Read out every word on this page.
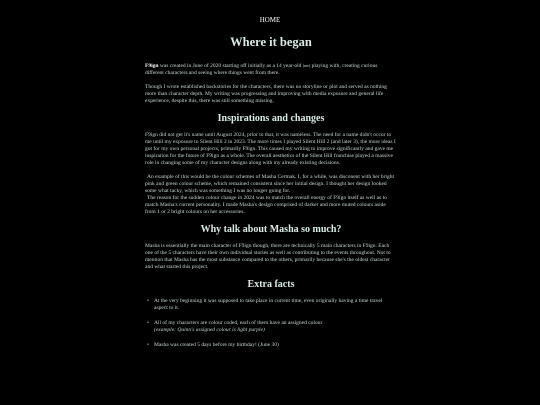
HOME
Where it began

F9ign was created in June of 2020 starting off initially as a 14 year-old (me) playing with, creating curious different characters and seeing where things went from there.

Though I wrote established backstories for the characters, there was no storyline or plot and served as nothing more than character depth. My writing was progressing and improving with media exposure and general life experience, despite this, there was still something missing.

Inspirations and changes

F9ign did not get it's name until August 2024, prior to that, it was nameless. The need for a name didn't occur to me until my exposure to Silent Hill 2 in 2023. The more times I played Silent Hill 2 (and later 3), the more ideas I got for my own personal projects, primarily F9ign. This caused my writing to improve significantly and gave me inspiration for the future of F9ign as a whole. The overall aesthetics of the Silent Hill franchise played a massive role in changing some of my character designs along with my already existing decisions.

An example of this would be the colour schemes of Masha Cermak. I, for a while, was disconent with her bright pink and green colour scheme, which remained consistent since her initial design. I thought her design looked some what tacky, which was something I was no longer going for.

The reason for the sudden colour change in 2024 was to match the overall energy of F9ign itself as well as to match Masha's current personality. I made Masha's design comprised of darker and more muted colours aside from 1 or 2 bright colours on her accessories.

Why talk about Masha so much?

Masha is essentially the main character of F9ign though, there are technically 5 main characters in F9ign. Each one of the 5 characters have their own individual stories as well as contributing to the events throughout. Not to mention that Masha has the most substance compared to the others, primarily because she's the oldest character and what started this project.

Extra facts
• At the very beginning it was supposed to take place in current time, even originally having a time travel aspect to it.
• All of my characters are colour coded, each of them have an assigned colour
(example: Quinn's assigned colour is light purple)
• Masha was created 5 days before my birthday! (June 30)
